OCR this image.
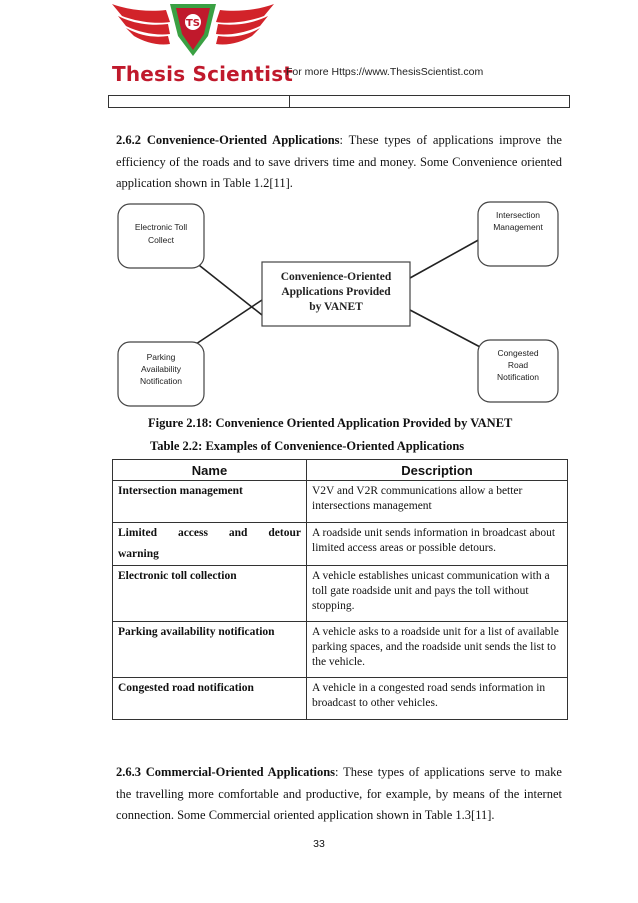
TS
Thesis Scientist
For more Https://www.ThesisScientist.com
2.6.2 Convenience-Oriented Applications: These types of applications improve the efficiency of the roads and to save drivers time and money. Some Convenience oriented application shown in Table 1.2[11].
Electronic Toll
Collect
Intersection
Management
Convenience-Oriented
Applications Provided
by VANET
Parking
Availability
Notification
Congested
Road
Notification
Figure 2.18: Convenience Oriented Application Provided by VANET
Table 2.2: Examples of Convenience-Oriented Applications
Name	Description
Intersection management	V2V and V2R communications allow a better intersections management

Limited access and detour
warning	A roadside unit sends information in broadcast about limited access areas or possible detours.
Electronic toll collection	A vehicle establishes unicast communication with a toll gate roadside unit and pays the toll without stopping.
Parking availability notification	A vehicle asks to a roadside unit for a list of available parking spaces, and the roadside unit sends the list to the vehicle.
Congested road notification	A vehicle in a congested road sends information in broadcast to other vehicles.
2.6.3 Commercial-Oriented Applications: These types of applications serve to make the travelling more comfortable and productive, for example, by means of the internet connection. Some Commercial oriented application shown in Table 1.3[11].
33
